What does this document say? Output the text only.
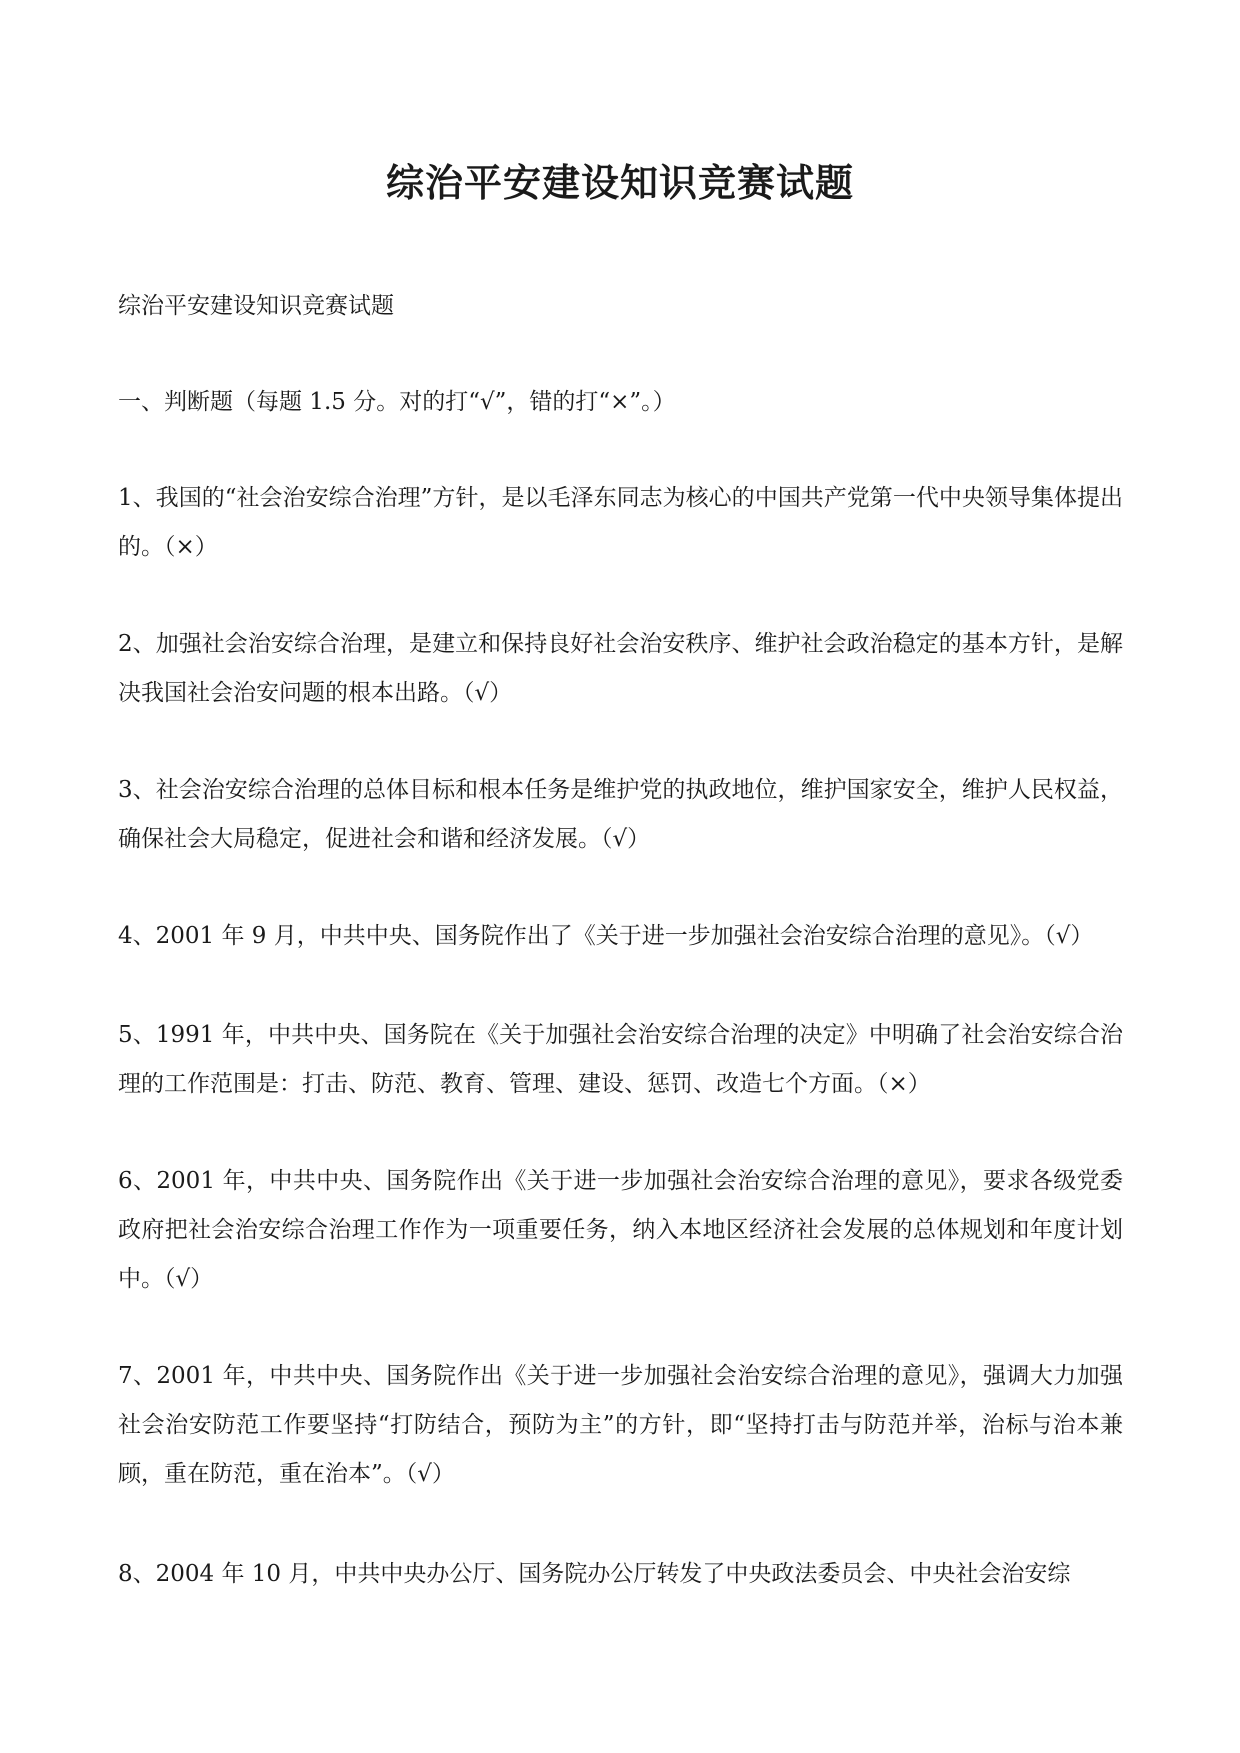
综治平安建设知识竞赛试题

综治平安建设知识竞赛试题

一、判断题（每题 1.5 分。对的打“√”，错的打“×”。）

1、我国的“社会治安综合治理”方针，是以毛泽东同志为核心的中国共产党第一代中央领导集体提出的。（×）

2、加强社会治安综合治理，是建立和保持良好社会治安秩序、维护社会政治稳定的基本方针，是解决我国社会治安问题的根本出路。（√）

3、社会治安综合治理的总体目标和根本任务是维护党的执政地位，维护国家安全，维护人民权益，确保社会大局稳定，促进社会和谐和经济发展。（√）

4、2001 年 9 月，中共中央、国务院作出了《关于进一步加强社会治安综合治理的意见》。（√）

5、1991 年，中共中央、国务院在《关于加强社会治安综合治理的决定》中明确了社会治安综合治理的工作范围是：打击、防范、教育、管理、建设、惩罚、改造七个方面。（×）

6、2001 年，中共中央、国务院作出《关于进一步加强社会治安综合治理的意见》，要求各级党委政府把社会治安综合治理工作作为一项重要任务，纳入本地区经济社会发展的总体规划和年度计划中。（√）

7、2001 年，中共中央、国务院作出《关于进一步加强社会治安综合治理的意见》，强调大力加强社会治安防范工作要坚持“打防结合，预防为主”的方针，即“坚持打击与防范并举，治标与治本兼顾，重在防范，重在治本”。（√）

8、2004 年 10 月，中共中央办公厅、国务院办公厅转发了中央政法委员会、中央社会治安综
